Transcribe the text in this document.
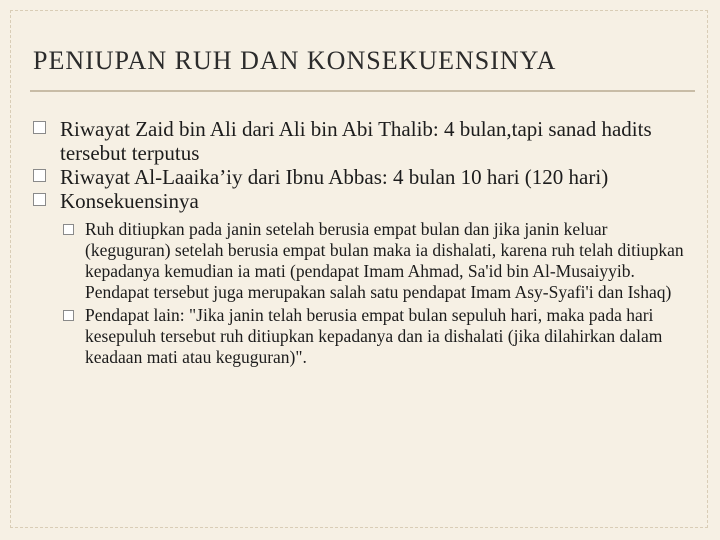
PENIUPAN RUH DAN KONSEKUENSINYA
Riwayat Zaid bin Ali dari Ali bin Abi Thalib: 4 bulan,tapi sanad hadits tersebut terputus
Riwayat Al-Laaika’iy dari Ibnu Abbas: 4 bulan 10 hari (120 hari)
Konsekuensinya
Ruh ditiupkan pada janin setelah berusia empat bulan dan jika janin keluar (keguguran) setelah berusia empat bulan maka ia dishalati, karena ruh telah ditiupkan kepadanya kemudian ia mati (pendapat Imam Ahmad, Sa'id bin Al-Musaiyyib. Pendapat tersebut juga merupakan salah satu pendapat Imam Asy-Syafi'i dan Ishaq)
Pendapat lain: "Jika janin telah berusia empat bulan sepuluh hari, maka pada hari kesepuluh tersebut ruh ditiupkan kepadanya dan ia dishalati (jika dilahirkan dalam keadaan mati atau keguguran)".
